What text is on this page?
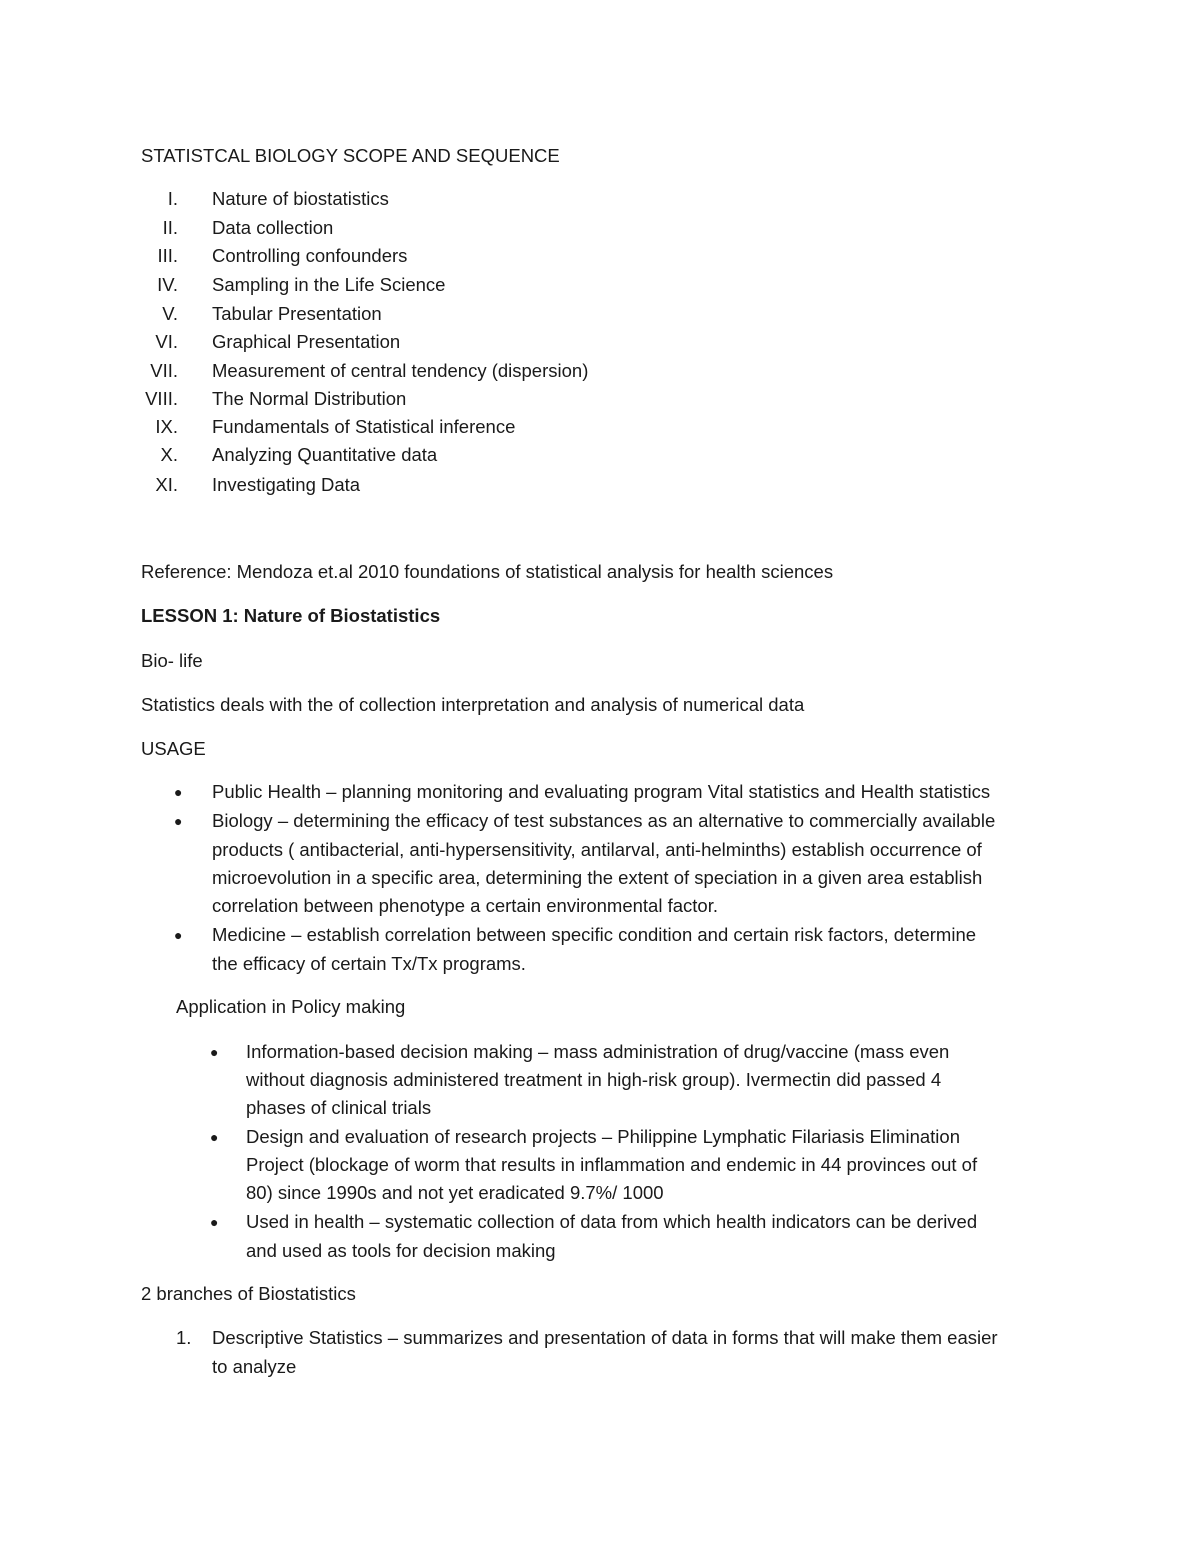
STATISTCAL BIOLOGY SCOPE AND SEQUENCE
I. Nature of biostatistics
II. Data collection
III. Controlling confounders
IV. Sampling in the Life Science
V. Tabular Presentation
VI. Graphical Presentation
VII. Measurement of central tendency (dispersion)
VIII. The Normal Distribution
IX. Fundamentals of Statistical inference
X. Analyzing Quantitative data
XI. Investigating Data
Reference: Mendoza et.al 2010 foundations of statistical analysis for health sciences
LESSON 1: Nature of Biostatistics
Bio- life
Statistics deals with the of collection interpretation and analysis of numerical data
USAGE
● Public Health – planning monitoring and evaluating program Vital statistics and Health statistics
● Biology – determining the efficacy of test substances as an alternative to commercially available
products ( antibacterial, anti-hypersensitivity, antilarval, anti-helminths) establish occurrence of
microevolution in a specific area, determining the extent of speciation in a given area establish
correlation between phenotype a certain environmental factor.
● Medicine – establish correlation between specific condition and certain risk factors, determine
the efficacy of certain Tx/Tx programs.
Application in Policy making
● Information-based decision making – mass administration of drug/vaccine (mass even
without diagnosis administered treatment in high-risk group). Ivermectin did passed 4
phases of clinical trials
● Design and evaluation of research projects – Philippine Lymphatic Filariasis Elimination
Project (blockage of worm that results in inflammation and endemic in 44 provinces out of
80) since 1990s and not yet eradicated 9.7%/ 1000
● Used in health – systematic collection of data from which health indicators can be derived
and used as tools for decision making
2 branches of Biostatistics
1. Descriptive Statistics – summarizes and presentation of data in forms that will make them easier
to analyze
